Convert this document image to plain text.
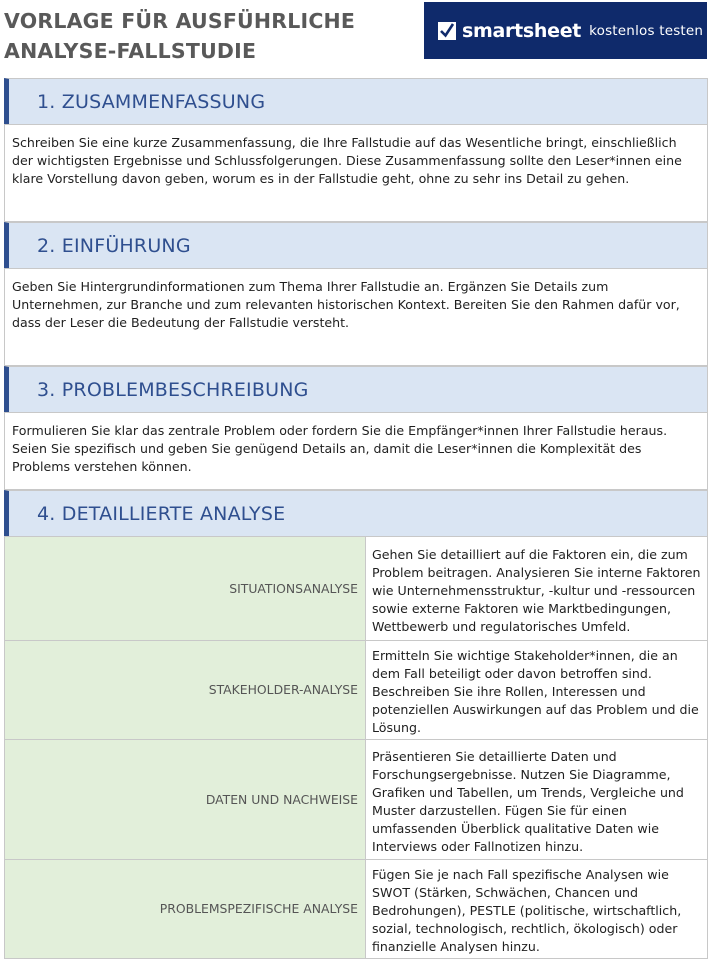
VORLAGE FÜR AUSFÜHRLICHE
ANALYSE-FALLSTUDIE
smartsheet kostenlos testen
1. ZUSAMMENFASSUNG
Schreiben Sie eine kurze Zusammenfassung, die Ihre Fallstudie auf das Wesentliche bringt, einschließlich der wichtigsten Ergebnisse und Schlussfolgerungen. Diese Zusammenfassung sollte den Leser*innen eine klare Vorstellung davon geben, worum es in der Fallstudie geht, ohne zu sehr ins Detail zu gehen.
2. EINFÜHRUNG
Geben Sie Hintergrundinformationen zum Thema Ihrer Fallstudie an. Ergänzen Sie Details zum Unternehmen, zur Branche und zum relevanten historischen Kontext. Bereiten Sie den Rahmen dafür vor, dass der Leser die Bedeutung der Fallstudie versteht.
3. PROBLEMBESCHREIBUNG
Formulieren Sie klar das zentrale Problem oder fordern Sie die Empfänger*innen Ihrer Fallstudie heraus. Seien Sie spezifisch und geben Sie genügend Details an, damit die Leser*innen die Komplexität des Problems verstehen können.
4. DETAILLIERTE ANALYSE
SITUATIONSANALYSE	Gehen Sie detailliert auf die Faktoren ein, die zum Problem beitragen. Analysieren Sie interne Faktoren wie Unternehmensstruktur, -kultur und -ressourcen sowie externe Faktoren wie Marktbedingungen, Wettbewerb und regulatorisches Umfeld.
STAKEHOLDER-ANALYSE	Ermitteln Sie wichtige Stakeholder*innen, die an dem Fall beteiligt oder davon betroffen sind. Beschreiben Sie ihre Rollen, Interessen und potenziellen Auswirkungen auf das Problem und die Lösung.
DATEN UND NACHWEISE	Präsentieren Sie detaillierte Daten und Forschungsergebnisse. Nutzen Sie Diagramme, Grafiken und Tabellen, um Trends, Vergleiche und Muster darzustellen. Fügen Sie für einen umfassenden Überblick qualitative Daten wie Interviews oder Fallnotizen hinzu.
PROBLEMSPEZIFISCHE ANALYSE	Fügen Sie je nach Fall spezifische Analysen wie SWOT (Stärken, Schwächen, Chancen und Bedrohungen), PESTLE (politische, wirtschaftlich, sozial, technologisch, rechtlich, ökologisch) oder finanzielle Analysen hinzu.
